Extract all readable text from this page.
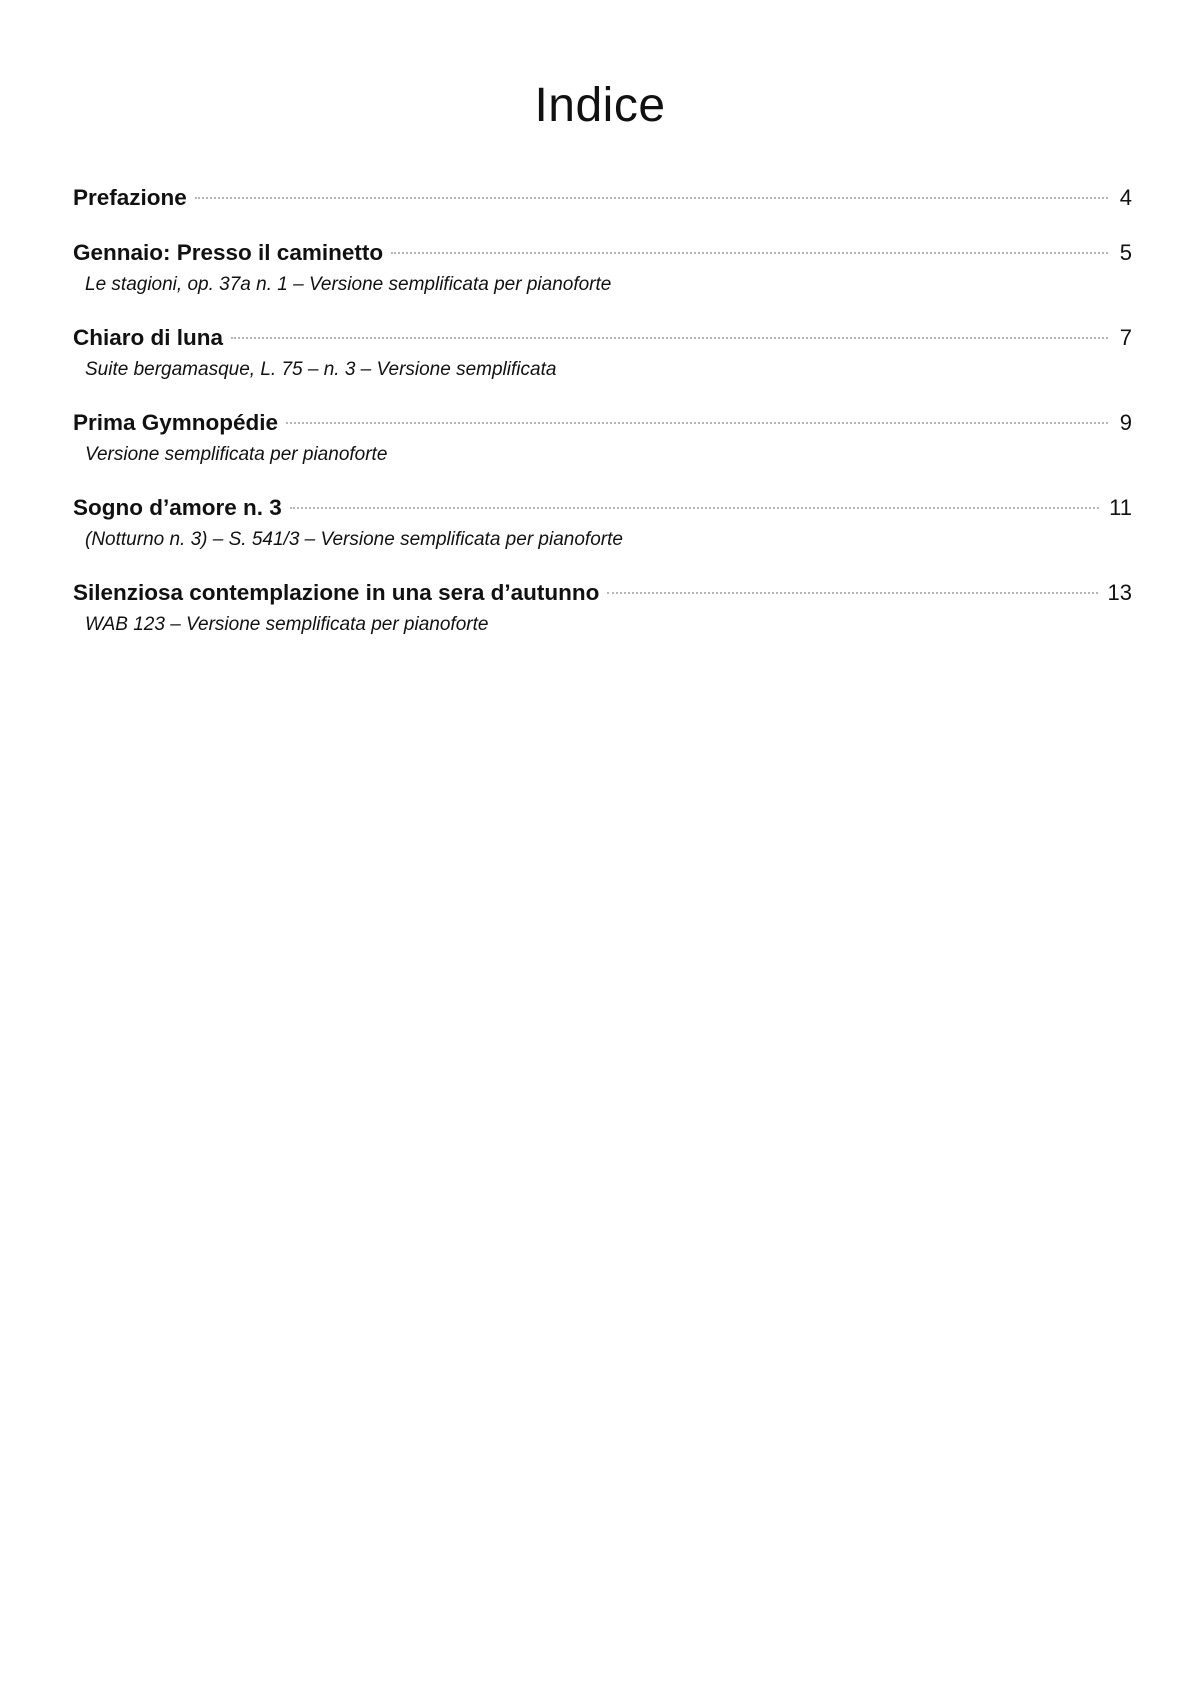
Indice
Prefazione	4
Gennaio: Presso il caminetto	5
Le stagioni, op. 37a n. 1 – Versione semplificata per pianoforte
Chiaro di luna	7
Suite bergamasque, L. 75 – n. 3 – Versione semplificata
Prima Gymnopédie	9
Versione semplificata per pianoforte
Sogno d’amore n. 3	11
(Notturno n. 3) – S. 541/3 – Versione semplificata per pianoforte
Silenziosa contemplazione in una sera d’autunno	13
WAB 123 – Versione semplificata per pianoforte
